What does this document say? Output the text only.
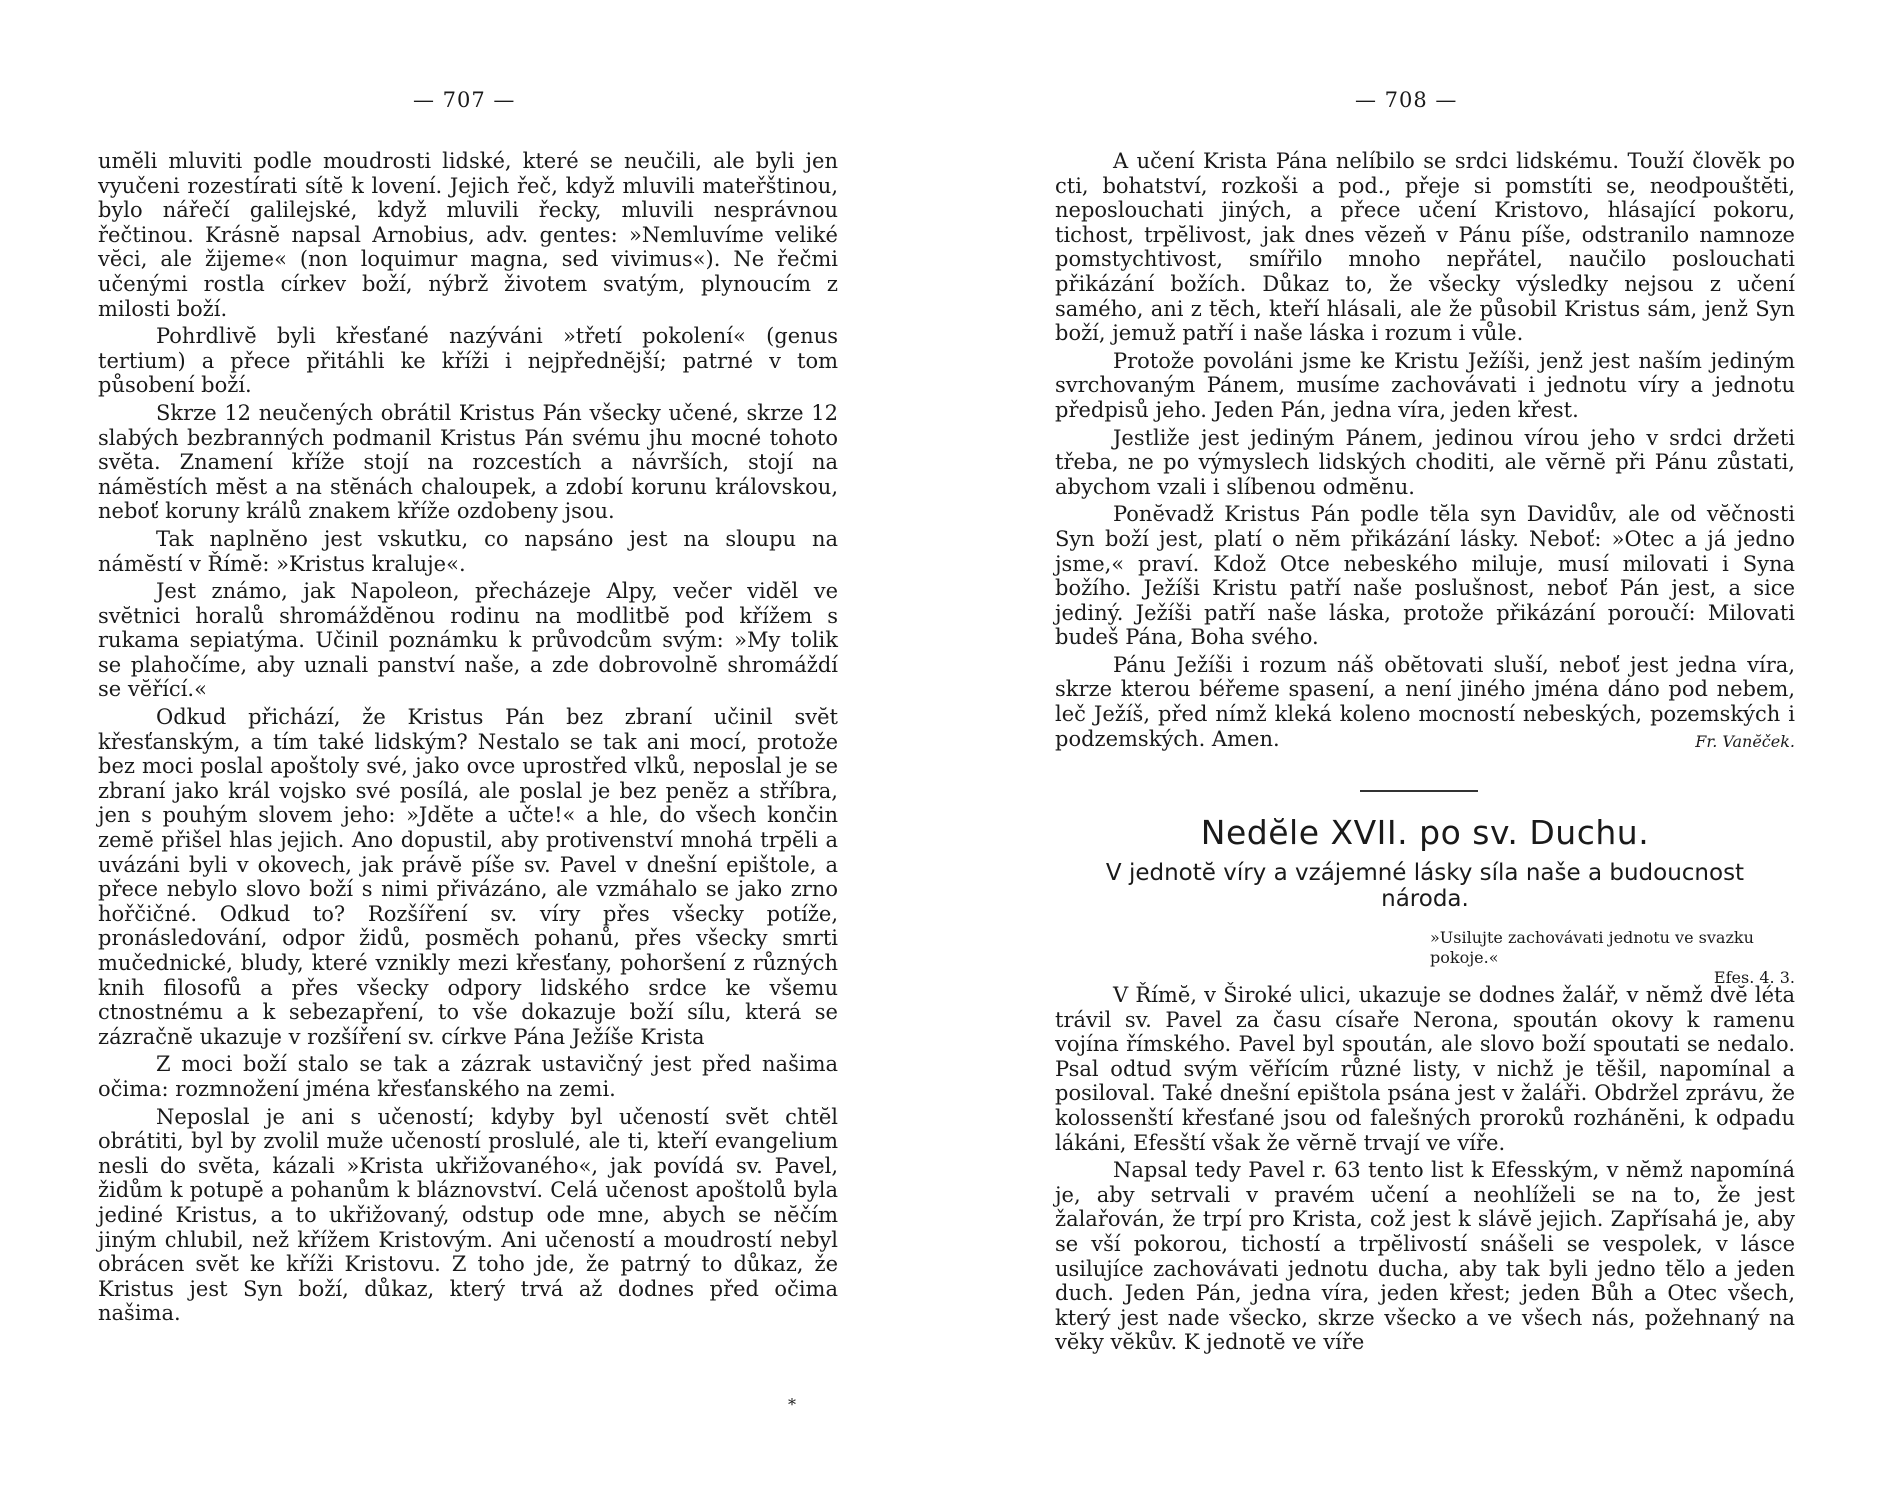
— 707 —

umĕli mluviti podle moudrosti lidské, které se neučili, ale byli jen vyučeni rozestírati sítĕ k lovení. Jejich řeč, když mluvili mateřštinou, bylo nářečí galilejské, když mluvili řecky, mluvili nesprávnou řečtinou. Krásnĕ napsal Arnobius, adv. gentes: »Nemluvíme veliké vĕci, ale žijeme« (non loquimur magna, sed vivimus«). Ne řečmi učenými rostla církev boží, nýbrž životem svatým, plynoucím z milosti boží.

Pohrdlivĕ byli křesťané nazýváni »třetí pokolení« (genus tertium) a přece přitáhli ke kříži i nejpřednĕjší; patrné v tom působení boží.

Skrze 12 neučených obrátil Kristus Pán všecky učené, skrze 12 slabých bezbranných podmanil Kristus Pán svému jhu mocné tohoto svĕta. Znamení kříže stojí na rozcestích a návrších, stojí na námĕstích mĕst a na stĕnách chaloupek, a zdobí korunu královskou, neboť koruny králů znakem kříže ozdobeny jsou.

Tak naplnĕno jest vskutku, co napsáno jest na sloupu na námĕstí v Římĕ: »Kristus kraluje«.

Jest známo, jak Napoleon, přecházeje Alpy, večer vidĕl ve svĕtnici horalů shromáždĕnou rodinu na modlitbĕ pod křížem s rukama sepiatýma. Učinil poznámku k průvodcům svým: »My tolik se plahočíme, aby uznali panství naše, a zde dobrovolnĕ shromáždí se vĕřící.«

Odkud přichází, že Kristus Pán bez zbraní učinil svĕt křesťanským, a tím také lidským? Nestalo se tak ani mocí, protože bez moci poslal apoštoly své, jako ovce uprostřed vlků, neposlal je se zbraní jako král vojsko své posílá, ale poslal je bez penĕz a stříbra, jen s pouhým slovem jeho: »Jdĕte a učte!« a hle, do všech končin zemĕ přišel hlas jejich. Ano dopustil, aby protivenství mnohá trpĕli a uvázáni byli v okovech, jak právĕ píše sv. Pavel v dnešní epištole, a přece nebylo slovo boží s nimi přivázáno, ale vzmáhalo se jako zrno hořčičné. Odkud to? Rozšíření sv. víry přes všecky potíže, pronásledování, odpor židů, posmĕch pohanů, přes všecky smrti mučednické, bludy, které vznikly mezi křesťany, pohoršení z různých knih filosofů a přes všecky odpory lidského srdce ke všemu ctnostnému a k sebezapření, to vše dokazuje boží sílu, která se zázračnĕ ukazuje v rozšíření sv. církve Pána Ježíše Krista

Z moci boží stalo se tak a zázrak ustavičný jest před našima očima: rozmnožení jména křesťanského na zemi.

Neposlal je ani s učeností; kdyby byl učeností svĕt chtĕl obrátiti, byl by zvolil muže učeností proslulé, ale ti, kteří evangelium nesli do svĕta, kázali »Krista ukřižovaného«, jak povídá sv. Pavel, židům k potupĕ a pohanům k bláznovství. Celá učenost apoštolů byla jediné Kristus, a to ukřižovaný, odstup ode mne, abych se nĕčím jiným chlubil, než křížem Kristovým. Ani učeností a moudrostí nebyl obrácen svĕt ke kříži Kristovu. Z toho jde, že patrný to důkaz, že Kristus jest Syn boží, důkaz, který trvá až dodnes před očima našima.

*
— 708 —

A učení Krista Pána nelíbilo se srdci lidskému. Touží človĕk po cti, bohatství, rozkoši a pod., přeje si pomstíti se, neodpouštĕti, neposlouchati jiných, a přece učení Kristovo, hlásající pokoru, tichost, trpĕlivost, jak dnes vĕzeň v Pánu píše, odstranilo namnoze pomstychtivost, smířilo mnoho nepřátel, naučilo poslouchati přikázání božích. Důkaz to, že všecky výsledky nejsou z učení samého, ani z tĕch, kteří hlásali, ale že působil Kristus sám, jenž Syn boží, jemuž patří i naše láska i rozum i vůle.

Protože povoláni jsme ke Kristu Ježíši, jenž jest naším jediným svrchovaným Pánem, musíme zachovávati i jednotu víry a jednotu předpisů jeho. Jeden Pán, jedna víra, jeden křest.

Jestliže jest jediným Pánem, jedinou vírou jeho v srdci držeti třeba, ne po výmyslech lidských choditi, ale vĕrnĕ při Pánu zůstati, abychom vzali i slíbenou odmĕnu.

Ponĕvadž Kristus Pán podle tĕla syn Davidův, ale od vĕčnosti Syn boží jest, platí o nĕm přikázání lásky. Neboť: »Otec a já jedno jsme,« praví. Kdož Otce nebeského miluje, musí milovati i Syna božího. Ježíši Kristu patří naše poslušnost, neboť Pán jest, a sice jediný. Ježíši patří naše láska, protože přikázání poroučí: Milovati budeš Pána, Boha svého.

Pánu Ježíši i rozum náš obĕtovati sluší, neboť jest jedna víra, skrze kterou béřeme spasení, a není jiného jména dáno pod nebem, leč Ježíš, před nímž kleká koleno mocností nebeských, pozemských i podzemských. Amen.	Fr. Vanĕček.
Nedĕle XVII. po sv. Duchu.
V jednotĕ víry a vzájemné lásky síla naše a budoucnost národa.
»Usilujte zachovávati jednotu ve svazku pokoje.«
Efes. 4. 3.

V Římĕ, v Široké ulici, ukazuje se dodnes žalář, v nĕmž dvĕ léta trávil sv. Pavel za času císaře Nerona, spoután okovy k ramenu vojína římského. Pavel byl spoután, ale slovo boží spoutati se nedalo. Psal odtud svým vĕřícím různé listy, v nichž je tĕšil, napomínal a posiloval. Také dnešní epištola psána jest v žaláři. Obdržel zprávu, že kolossenští křesťané jsou od falešných proroků rozhánĕni, k odpadu lákáni, Efesští však že vĕrnĕ trvají ve víře.

Napsal tedy Pavel r. 63 tento list k Efesským, v nĕmž napomíná je, aby setrvali v pravém učení a neohlíželi se na to, že jest žalařován, že trpí pro Krista, což jest k slávĕ jejich. Zapřísahá je, aby se vší pokorou, tichostí a trpĕlivostí snášeli se vespolek, v lásce usilujíce zachovávati jednotu ducha, aby tak byli jedno tĕlo a jeden duch. Jeden Pán, jedna víra, jeden křest; jeden Bůh a Otec všech, který jest nade všecko, skrze všecko a ve všech nás, požehnaný na vĕky vĕkův. K jednotĕ ve víře
